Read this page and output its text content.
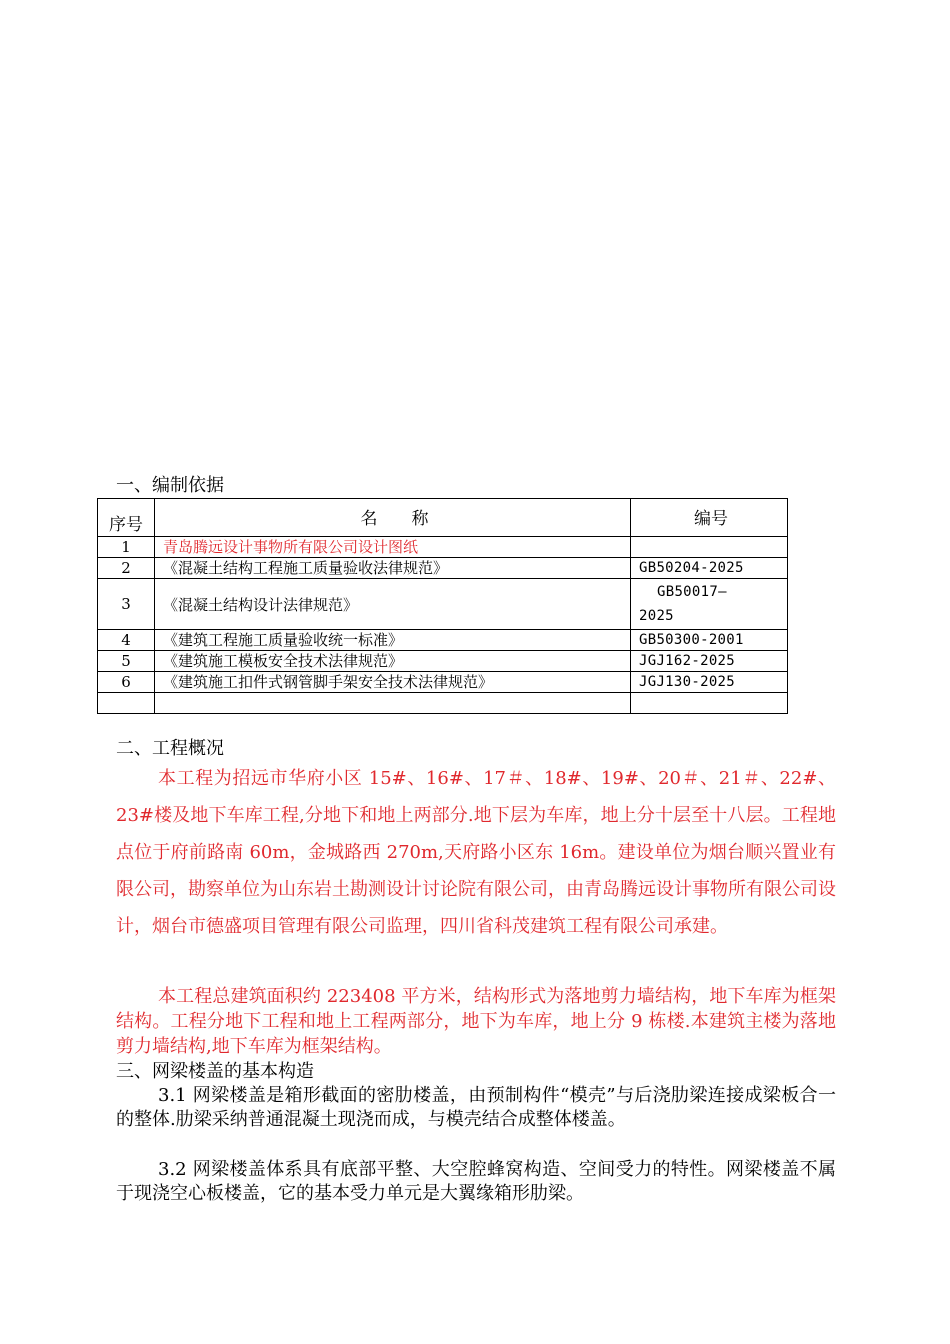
一、编制依据
序号	名　　称	编号
1	青岛腾远设计事物所有限公司设计图纸	
2	《混凝土结构工程施工质量验收法律规范》	GB50204-2025
3	《混凝土结构设计法律规范》	GB50017—
2025

4	《建筑工程施工质量验收统一标准》	GB50300-2001
5	《建筑施工模板安全技术法律规范》	JGJ162-2025
6	《建筑施工扣件式钢管脚手架安全技术法律规范》	JGJ130-2025

二、工程概况
本工程为招远市华府小区 15#、16#、17＃、18#、19#、20＃、21＃、22#、23#楼及地下车库工程,分地下和地上两部分.地下层为车库，地上分十层至十八层。工程地点位于府前路南 60m，金城路西 270m,天府路小区东 16m。建设单位为烟台顺兴置业有限公司，勘察单位为山东岩土勘测设计讨论院有限公司，由青岛腾远设计事物所有限公司设计，烟台市德盛项目管理有限公司监理，四川省科茂建筑工程有限公司承建。
本工程总建筑面积约 223408 平方米，结构形式为落地剪力墙结构，地下车库为框架结构。工程分地下工程和地上工程两部分，地下为车库，地上分 9 栋楼.本建筑主楼为落地剪力墙结构,地下车库为框架结构。
三、网梁楼盖的基本构造
3.1 网梁楼盖是箱形截面的密肋楼盖，由预制构件“模壳”与后浇肋梁连接成梁板合一的整体.肋梁采纳普通混凝土现浇而成，与模壳结合成整体楼盖。
3.2 网梁楼盖体系具有底部平整、大空腔蜂窝构造、空间受力的特性。网梁楼盖不属于现浇空心板楼盖，它的基本受力单元是大翼缘箱形肋梁。
